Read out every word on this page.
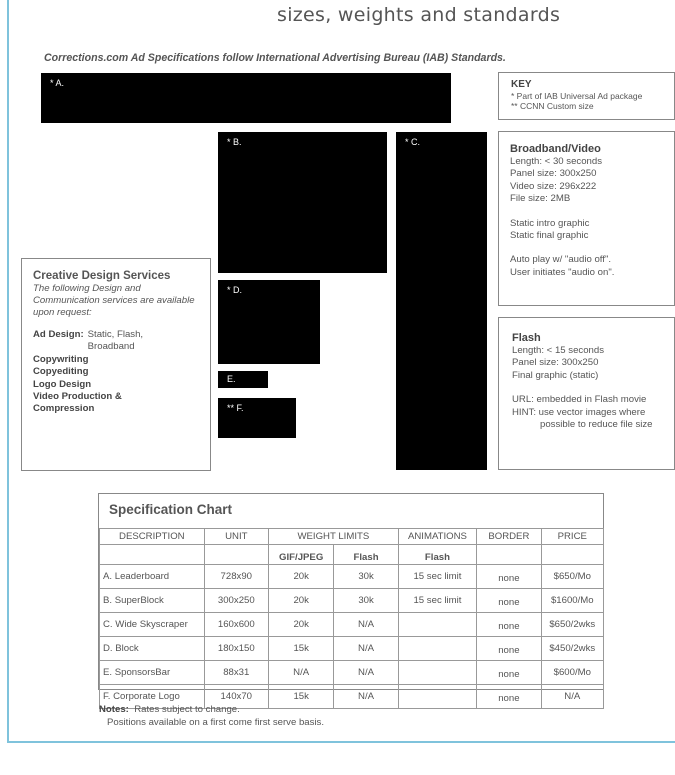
sizes, weights and standards
Corrections.com Ad Specifications follow International Advertising Bureau (IAB) Standards.
* A.
* B.	* C.
* D.
E.
** F.
KEY
* Part of IAB Universal Ad package
** CCNN Custom size
Broadband/Video
Length: < 30 seconds
Panel size: 300x250
Video size: 296x222
File size: 2MB
Static intro graphic
Static final graphic
Auto play w/ "audio off".
User initiates "audio on".
Flash
Length: < 15 seconds
Panel size: 300x250
Final graphic (static)
URL: embedded in Flash movie
HINT: use vector images where possible to reduce file size
Creative Design Services
The following Design and Communication services are available upon request:
Ad Design: Static, Flash, Broadband
Copywriting
Copyediting
Logo Design
Video Production & Compression
Specification Chart
DESCRIPTION	UNIT	WEIGHT LIMITS		ANIMATIONS	BORDER	PRICE
		GIF/JPEG	Flash	Flash		
A. Leaderboard	728x90	20k	30k	15 sec limit	none	$650/Mo
B. SuperBlock	300x250	20k	30k	15 sec limit	none	$1600/Mo
C. Wide Skyscraper	160x600	20k	N/A		none	$650/2wks
D. Block	180x150	15k	N/A		none	$450/2wks
E. SponsorsBar	88x31	N/A	N/A		none	$600/Mo
F. Corporate Logo	140x70	15k	N/A		none	N/A
Notes: Rates subject to change.
Positions available on a first come first serve basis.
